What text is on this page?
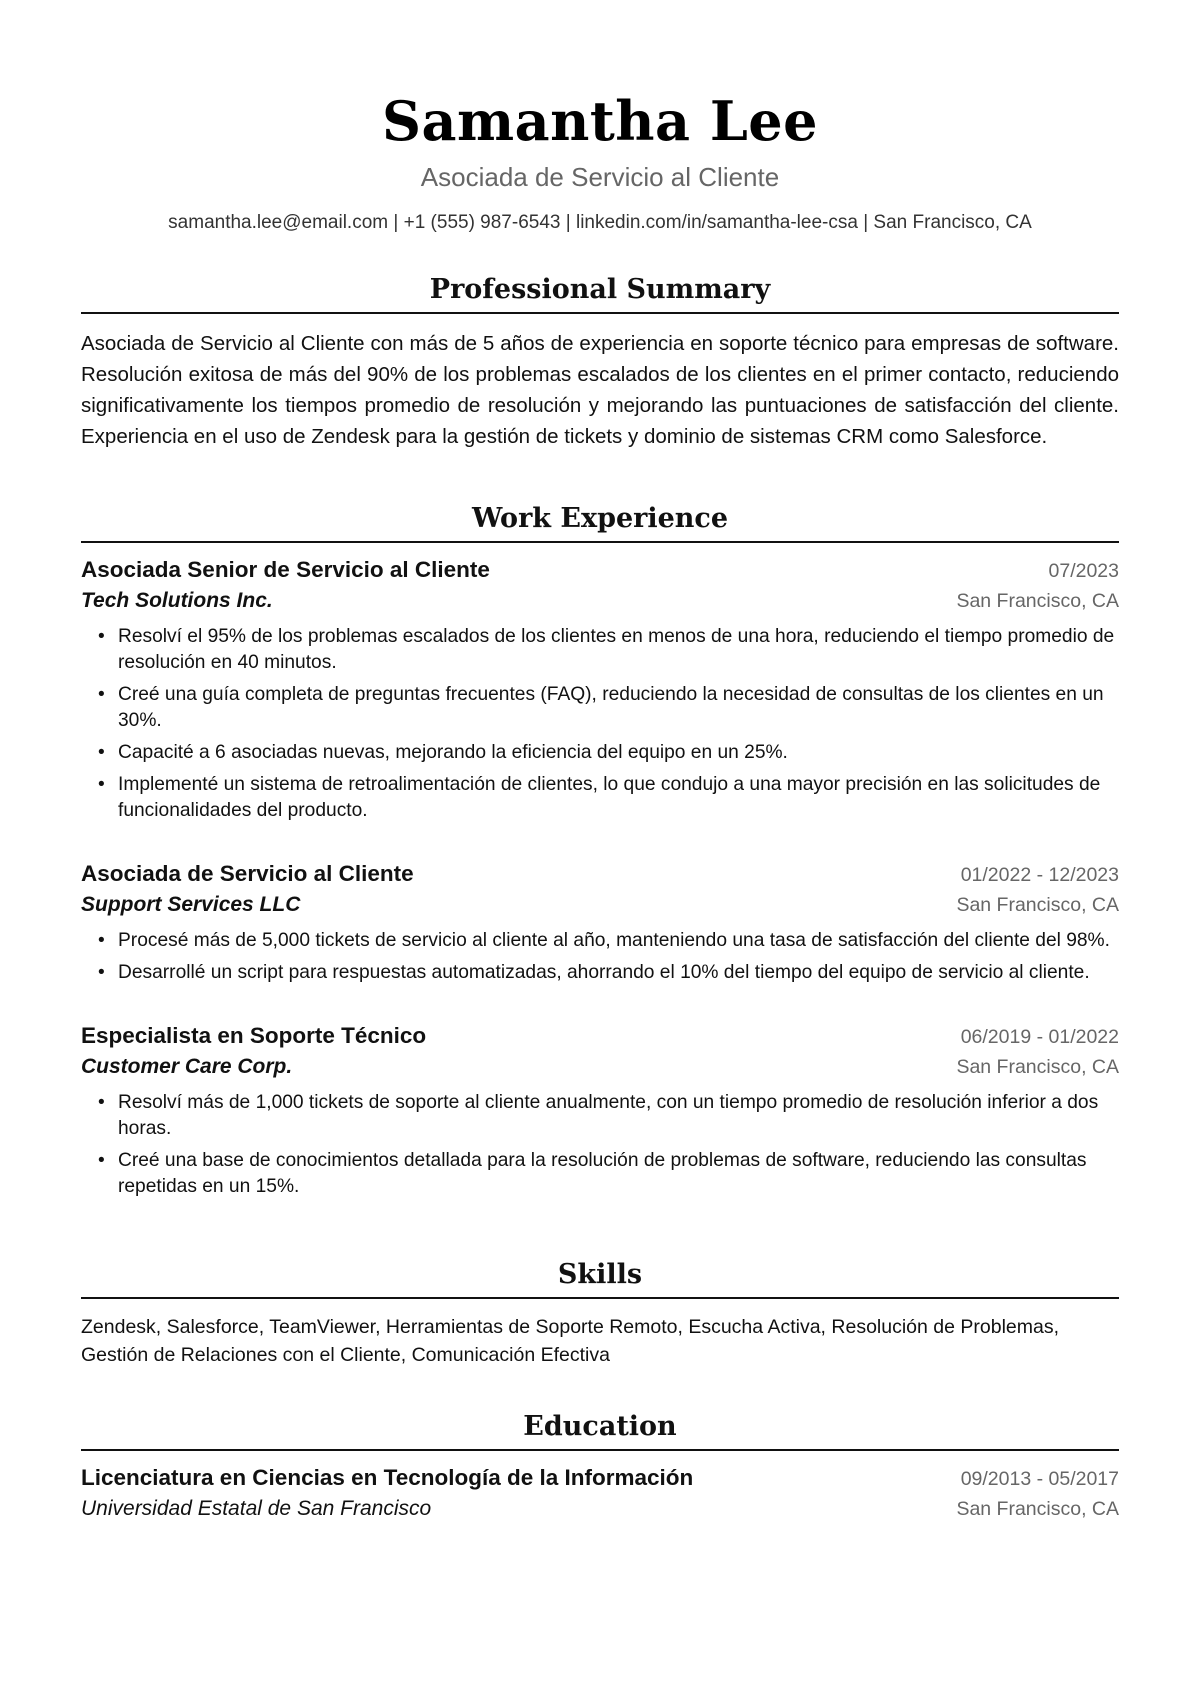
Samantha Lee
Asociada de Servicio al Cliente
samantha.lee@email.com | +1 (555) 987-6543 | linkedin.com/in/samantha-lee-csa | San Francisco, CA
Professional Summary
Asociada de Servicio al Cliente con más de 5 años de experiencia en soporte técnico para empresas de software. Resolución exitosa de más del 90% de los problemas escalados de los clientes en el primer contacto, reduciendo significativamente los tiempos promedio de resolución y mejorando las puntuaciones de satisfacción del cliente. Experiencia en el uso de Zendesk para la gestión de tickets y dominio de sistemas CRM como Salesforce.
Work Experience
Asociada Senior de Servicio al Cliente	07/2023
Tech Solutions Inc.	San Francisco, CA
• Resolví el 95% de los problemas escalados de los clientes en menos de una hora, reduciendo el tiempo promedio de resolución en 40 minutos.
• Creé una guía completa de preguntas frecuentes (FAQ), reduciendo la necesidad de consultas de los clientes en un 30%.
• Capacité a 6 asociadas nuevas, mejorando la eficiencia del equipo en un 25%.
• Implementé un sistema de retroalimentación de clientes, lo que condujo a una mayor precisión en las solicitudes de funcionalidades del producto.
Asociada de Servicio al Cliente	01/2022 - 12/2023
Support Services LLC	San Francisco, CA
• Procesé más de 5,000 tickets de servicio al cliente al año, manteniendo una tasa de satisfacción del cliente del 98%.
• Desarrollé un script para respuestas automatizadas, ahorrando el 10% del tiempo del equipo de servicio al cliente.
Especialista en Soporte Técnico	06/2019 - 01/2022
Customer Care Corp.	San Francisco, CA
• Resolví más de 1,000 tickets de soporte al cliente anualmente, con un tiempo promedio de resolución inferior a dos horas.
• Creé una base de conocimientos detallada para la resolución de problemas de software, reduciendo las consultas repetidas en un 15%.
Skills
Zendesk, Salesforce, TeamViewer, Herramientas de Soporte Remoto, Escucha Activa, Resolución de Problemas, Gestión de Relaciones con el Cliente, Comunicación Efectiva
Education
Licenciatura en Ciencias en Tecnología de la Información	09/2013 - 05/2017
Universidad Estatal de San Francisco	San Francisco, CA
